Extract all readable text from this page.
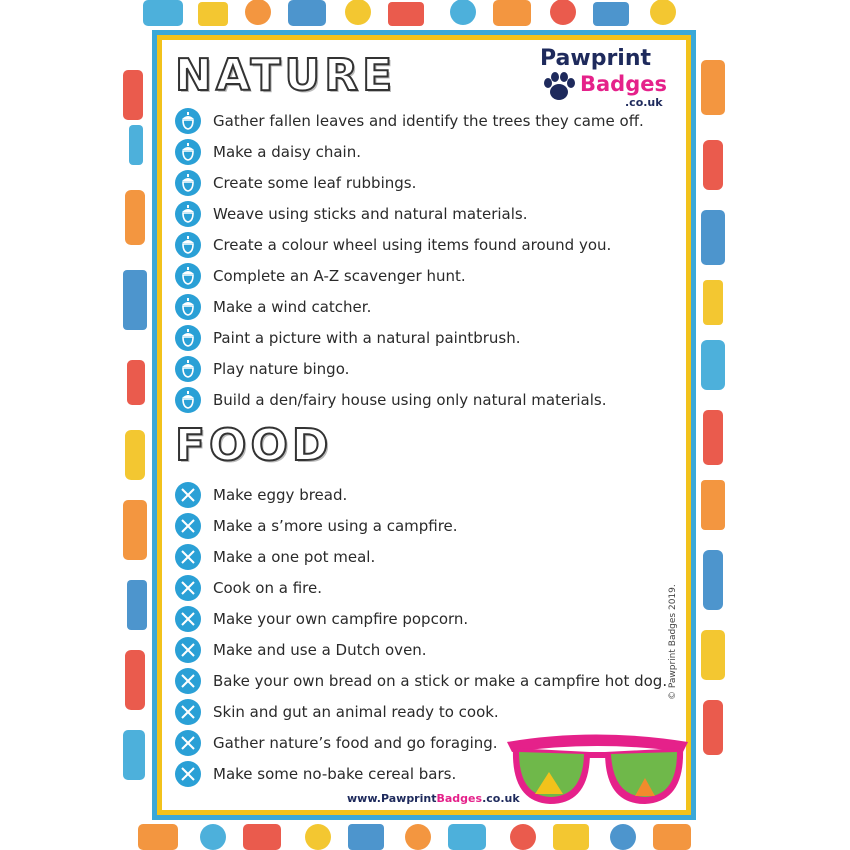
NATURE	Pawprint
Badges
.co.uk
Gather fallen leaves and identify the trees they came off.
Make a daisy chain.
Create some leaf rubbings.
Weave using sticks and natural materials.
Create a colour wheel using items found around you.
Complete an A-Z scavenger hunt.
Make a wind catcher.
Paint a picture with a natural paintbrush.
Play nature bingo.
Build a den/fairy house using only natural materials.
FOOD
Make eggy bread.
Make a s’more using a campfire.
Make a one pot meal.
Cook on a fire.
Make your own campfire popcorn.
Make and use a Dutch oven.
Bake your own bread on a stick or make a campfire hot dog.
Skin and gut an animal ready to cook.
Gather nature’s food and go foraging.
Make some no-bake cereal bars.
www.PawprintBadges.co.uk
© Pawprint Badges 2019.
